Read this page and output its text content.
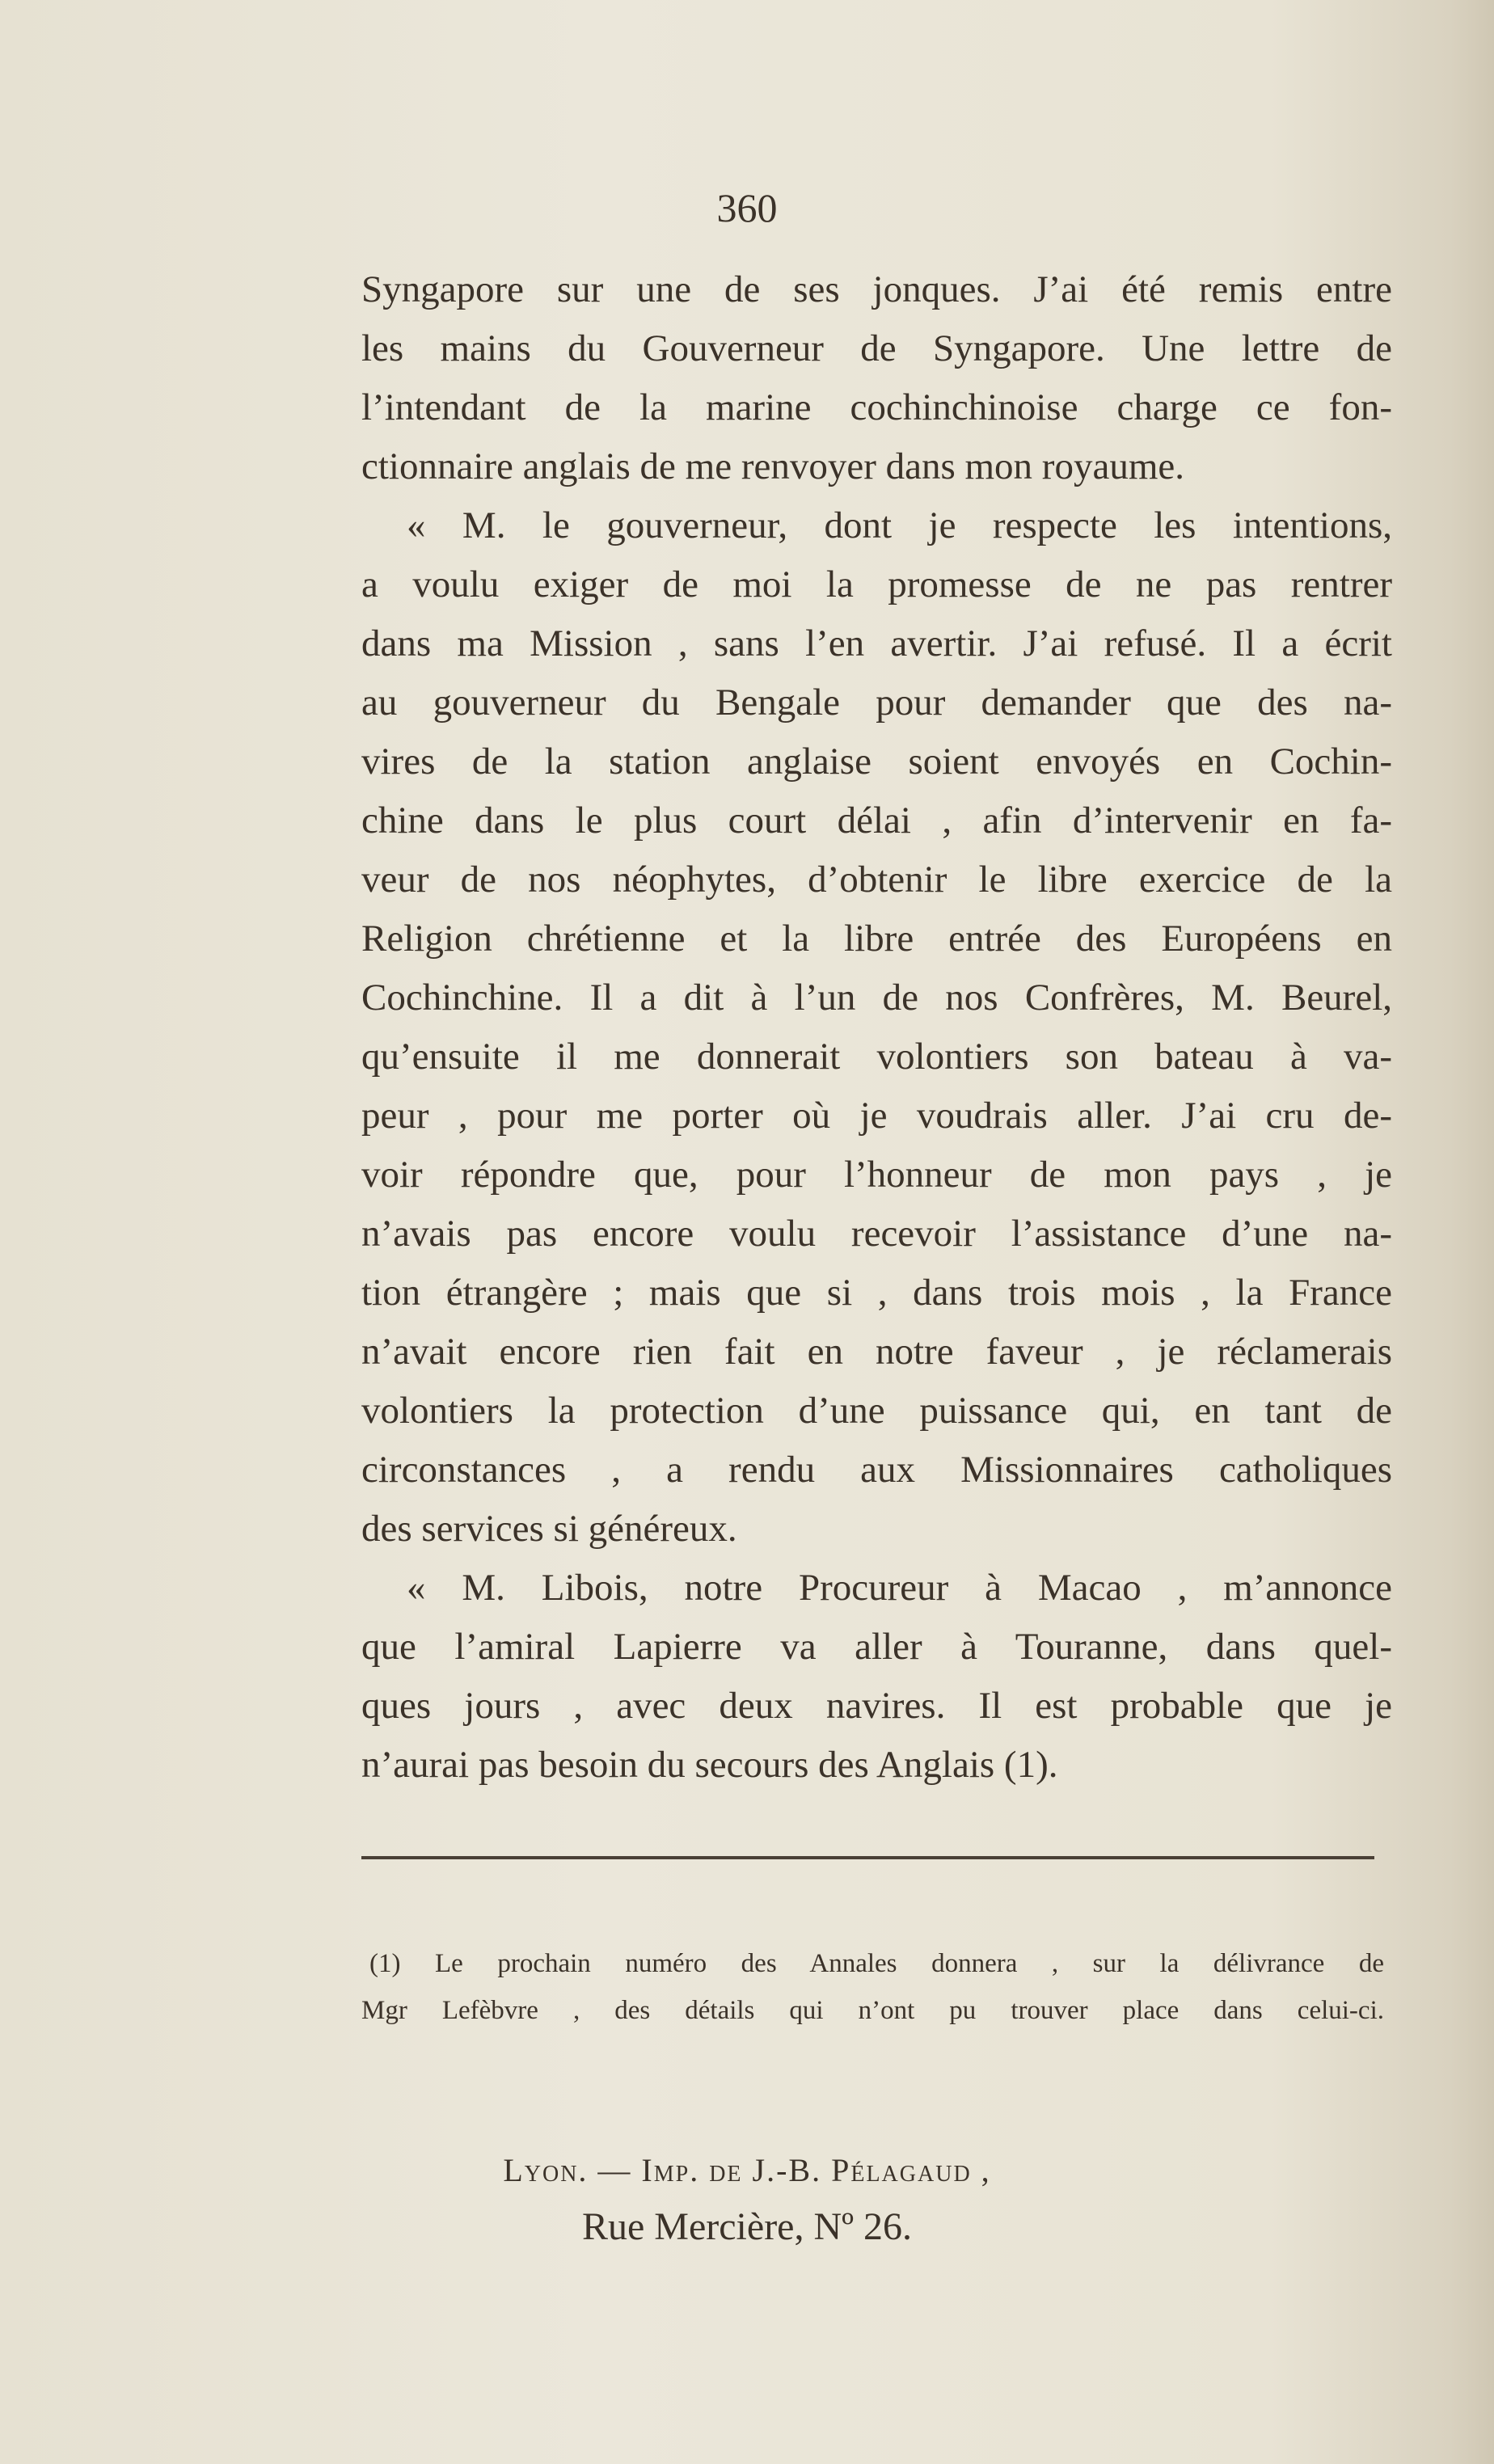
360
Syngapore sur une de ses jonques. J’ai été remis entre
les mains du Gouverneur de Syngapore. Une lettre de
l’intendant de la marine cochinchinoise charge ce fon-
ctionnaire anglais de me renvoyer dans mon royaume.
« M. le gouverneur, dont je respecte les intentions,
a voulu exiger de moi la promesse de ne pas rentrer
dans ma Mission , sans l’en avertir. J’ai refusé. Il a écrit
au gouverneur du Bengale pour demander que des na-
vires de la station anglaise soient envoyés en Cochin-
chine dans le plus court délai , afin d’intervenir en fa-
veur de nos néophytes, d’obtenir le libre exercice de la
Religion chrétienne et la libre entrée des Européens en
Cochinchine. Il a dit à l’un de nos Confrères, M. Beurel,
qu’ensuite il me donnerait volontiers son bateau à va-
peur , pour me porter où je voudrais aller. J’ai cru de-
voir répondre que, pour l’honneur de mon pays , je
n’avais pas encore voulu recevoir l’assistance d’une na-
tion étrangère ; mais que si , dans trois mois , la France
n’avait encore rien fait en notre faveur , je réclamerais
volontiers la protection d’une puissance qui, en tant de
circonstances , a rendu aux Missionnaires catholiques
des services si généreux.
« M. Libois, notre Procureur à Macao , m’annonce
que l’amiral Lapierre va aller à Touranne, dans quel-
ques jours , avec deux navires. Il est probable que je
n’aurai pas besoin du secours des Anglais (1).
(1) Le prochain numéro des Annales donnera , sur la délivrance de
Mgr Lefèbvre , des détails qui n’ont pu trouver place dans celui-ci.
Lyon. — Imp. de J.-B. Pélagaud ,
Rue Mercière, Nº 26.
